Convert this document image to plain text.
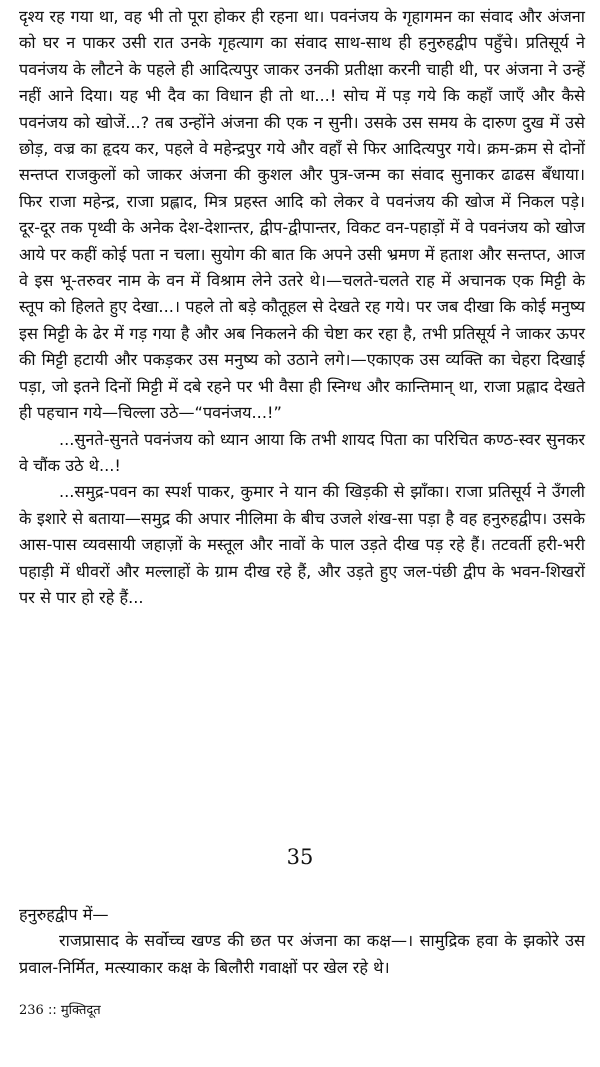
दृश्य रह गया था, वह भी तो पूरा होकर ही रहना था। पवनंजय के गृहागमन का संवाद और अंजना को घर न पाकर उसी रात उनके गृहत्याग का संवाद साथ-साथ ही हनुरुहद्वीप पहुँचे। प्रतिसूर्य ने पवनंजय के लौटने के पहले ही आदित्यपुर जाकर उनकी प्रतीक्षा करनी चाही थी, पर अंजना ने उन्हें नहीं आने दिया। यह भी दैव का विधान ही तो था...! सोच में पड़ गये कि कहाँ जाएँ और कैसे पवनंजय को खोजें...? तब उन्होंने अंजना की एक न सुनी। उसके उस समय के दारुण दुख में उसे छोड़, वज्र का हृदय कर, पहले वे महेन्द्रपुर गये और वहाँ से फिर आदित्यपुर गये। क्रम-क्रम से दोनों सन्तप्त राजकुलों को जाकर अंजना की कुशल और पुत्र-जन्म का संवाद सुनाकर ढाढस बँधाया। फिर राजा महेन्द्र, राजा प्रह्लाद, मित्र प्रहस्त आदि को लेकर वे पवनंजय की खोज में निकल पड़े। दूर-दूर तक पृथ्वी के अनेक देश-देशान्तर, द्वीप-द्वीपान्तर, विकट वन-पहाड़ों में वे पवनंजय को खोज आये पर कहीं कोई पता न चला। सुयोग की बात कि अपने उसी भ्रमण में हताश और सन्तप्त, आज वे इस भू-तरुवर नाम के वन में विश्राम लेने उतरे थे।—चलते-चलते राह में अचानक एक मिट्टी के स्तूप को हिलते हुए देखा...। पहले तो बड़े कौतूहल से देखते रह गये। पर जब दीखा कि कोई मनुष्य इस मिट्टी के ढेर में गड़ गया है और अब निकलने की चेष्टा कर रहा है, तभी प्रतिसूर्य ने जाकर ऊपर की मिट्टी हटायी और पकड़कर उस मनुष्य को उठाने लगे।—एकाएक उस व्यक्ति का चेहरा दिखाई पड़ा, जो इतने दिनों मिट्टी में दबे रहने पर भी वैसा ही स्निग्ध और कान्तिमान् था, राजा प्रह्लाद देखते ही पहचान गये—चिल्ला उठे—“पवनंजय...!”

...सुनते-सुनते पवनंजय को ध्यान आया कि तभी शायद पिता का परिचित कण्ठ-स्वर सुनकर वे चौंक उठे थे...!

...समुद्र-पवन का स्पर्श पाकर, कुमार ने यान की खिड़की से झाँका। राजा प्रतिसूर्य ने उँगली के इशारे से बताया—समुद्र की अपार नीलिमा के बीच उजले शंख-सा पड़ा है वह हनुरुहद्वीप। उसके आस-पास व्यवसायी जहाज़ों के मस्तूल और नावों के पाल उड़ते दीख पड़ रहे हैं। तटवर्ती हरी-भरी पहाड़ी में धीवरों और मल्लाहों के ग्राम दीख रहे हैं, और उड़ते हुए जल-पंछी द्वीप के भवन-शिखरों पर से पार हो रहे हैं...

35

हनुरुहद्वीप में—

राजप्रासाद के सर्वोच्च खण्ड की छत पर अंजना का कक्ष—। सामुद्रिक हवा के झकोरे उस प्रवाल-निर्मित, मत्स्याकार कक्ष के बिलौरी गवाक्षों पर खेल रहे थे।

236 :: मुक्तिदूत
